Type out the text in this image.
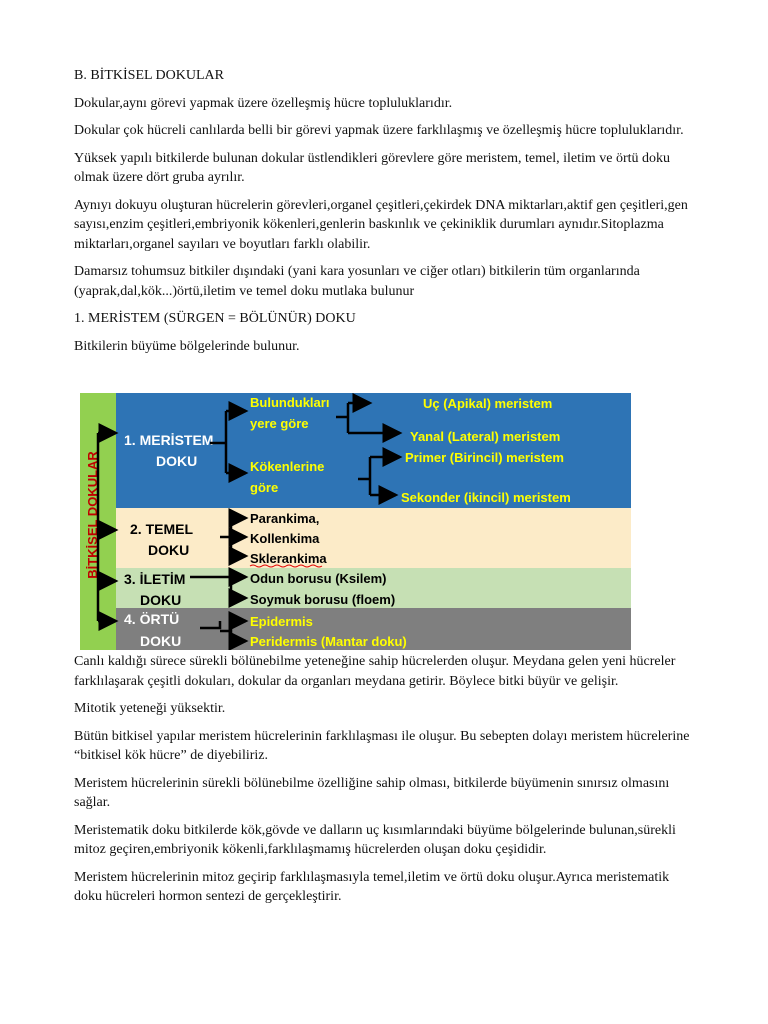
B. BİTKİSEL DOKULAR

Dokular,aynı görevi yapmak üzere özelleşmiş hücre topluluklarıdır.

Dokular çok hücreli canlılarda belli bir görevi yapmak üzere farklılaşmış ve özelleşmiş hücre topluluklarıdır.

Yüksek yapılı bitkilerde bulunan dokular üstlendikleri görevlere göre meristem, temel, iletim ve örtü doku olmak üzere dört gruba ayrılır.

Aynıyı dokuyu oluşturan hücrelerin görevleri,organel çeşitleri,çekirdek DNA miktarları,aktif gen çeşitleri,gen sayısı,enzim çeşitleri,embriyonik kökenleri,genlerin baskınlık ve çekiniklik durumları aynıdır.Sitoplazma miktarları,organel sayıları ve boyutları farklı olabilir.

Damarsız tohumsuz bitkiler dışındaki (yani kara yosunları ve ciğer otları) bitkilerin tüm organlarında (yaprak,dal,kök...)örtü,iletim ve temel doku mutlaka bulunur

1. MERİSTEM (SÜRGEN = BÖLÜNÜR) DOKU

Bitkilerin büyüme bölgelerinde bulunur.

BİTKİSEL DOKULAR
1. MERİSTEM
DOKU
Bulundukları
yere göre
Kökenlerine
göre
Uç (Apikal) meristem
Yanal (Lateral) meristem
Primer (Birincil) meristem
Sekonder (ikincil) meristem
2. TEMEL
DOKU
Parankima,
Kollenkima
Sklerankima
3. İLETİM
DOKU
Odun borusu (Ksilem)
Soymuk borusu (floem)
4. ÖRTÜ
DOKU
Epidermis
Peridermis (Mantar doku)

Canlı kaldığı sürece sürekli bölünebilme yeteneğine sahip hücrelerden oluşur. Meydana gelen yeni hücreler farklılaşarak çeşitli dokuları, dokular da organları meydana getirir. Böylece bitki büyür ve gelişir.

Mitotik yeteneği yüksektir.

Bütün bitkisel yapılar meristem hücrelerinin farklılaşması ile oluşur. Bu sebepten dolayı meristem hücrelerine “bitkisel kök hücre” de diyebiliriz.

Meristem hücrelerinin sürekli bölünebilme özelliğine sahip olması, bitkilerde büyümenin sınırsız olmasını sağlar.

Meristematik doku bitkilerde kök,gövde ve dalların uç kısımlarındaki büyüme bölgelerinde bulunan,sürekli mitoz geçiren,embriyonik kökenli,farklılaşmamış hücrelerden oluşan doku çeşididir.

Meristem hücrelerinin mitoz geçirip farklılaşmasıyla temel,iletim ve örtü doku oluşur.Ayrıca meristematik doku hücreleri hormon sentezi de gerçekleştirir.
